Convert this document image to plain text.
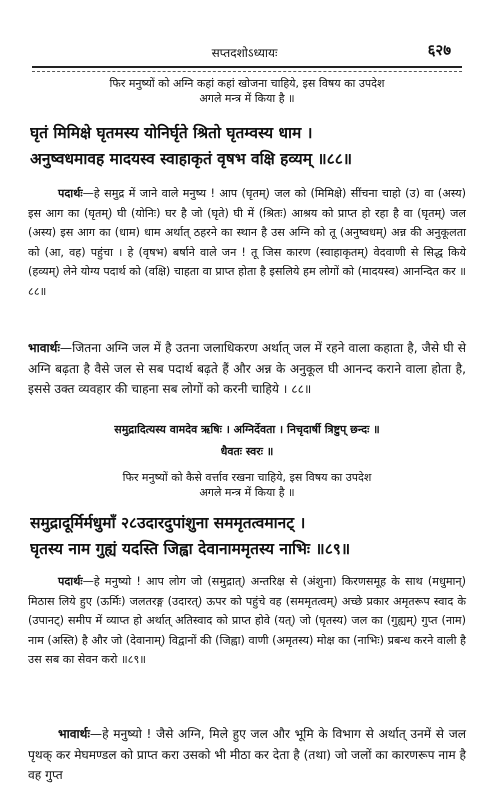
सप्तदशोऽध्यायः	६२७
फिर मनुष्यों को अग्नि कहां कहां खोजना चाहिये, इस विषय का उपदेश
अगले मन्त्र में किया है ॥
घृतं मिमिक्षे घृतमस्य योनिर्घृते श्रितो घृतम्वस्य धाम ।
अनुष्वधमावह मादयस्व स्वाहाकृतं वृषभ वक्षि हव्यम् ॥८८॥
पदार्थः—हे समुद्र में जाने वाले मनुष्य ! आप (घृतम्) जल को (मिमिक्षे) सींचना चाहो (उ) वा (अस्य) इस आग का (घृतम्) घी (योनिः) घर है जो (घृते) घी में (श्रितः) आश्रय को प्राप्त हो रहा है वा (घृतम्) जल (अस्य) इस आग का (धाम) धाम अर्थात् ठहरने का स्थान है उस अग्नि को तू (अनुष्वधम्) अन्न की अनुकूलता को (आ, वह) पहुंचा । हे (वृषभ) बर्षाने वाले जन ! तू जिस कारण (स्वाहाकृतम्) वेदवाणी से सिद्ध किये (हव्यम्) लेने योग्य पदार्थ को (वक्षि) चाहता वा प्राप्त होता है इसलिये हम लोगों को (मादयस्व) आनन्दित कर ॥८८॥
भावार्थः—जितना अग्नि जल में है उतना जलाधिकरण अर्थात् जल में रहने वाला कहाता है, जैसे घी से अग्नि बढ़ता है वैसे जल से सब पदार्थ बढ़ते हैं और अन्न के अनुकूल घी आनन्द कराने वाला होता है, इससे उक्त व्यवहार की चाहना सब लोगों को करनी चाहिये । ८८॥
समुद्रादित्यस्य वामदेव ऋषिः । अग्निर्देवता । निचृदार्षी त्रिष्टुप् छन्दः ॥
धैवतः स्वरः ॥
फिर मनुष्यों को कैसे वर्त्ताव रखना चाहिये, इस विषय का उपदेश
अगले मन्त्र में किया है ॥
समुद्रादूर्मिर्मधुमाँ २८उदारदुपांशुना सममृतत्वमानट् ।
घृतस्य नाम गुह्यं यदस्ति जिह्वा देवानाममृतस्य नाभिः ॥८९॥
पदार्थः—हे मनुष्यो ! आप लोग जो (समुद्रात्) अन्तरिक्ष से (अंशुना) किरणसमूह के साथ (मधुमान्) मिठास लिये हुए (ऊर्मिः) जलतरङ्ग (उदारत्) ऊपर को पहुंचे वह (सममृतत्वम्) अच्छे प्रकार अमृतरूप स्वाद के (उपानट्) समीप में व्याप्त हो अर्थात् अतिस्वाद को प्राप्त होवे (यत्) जो (घृतस्य) जल का (गुह्यम्) गुप्त (नाम) नाम (अस्ति) है और जो (देवानाम्) विद्वानों की (जिह्वा) वाणी (अमृतस्य) मोक्ष का (नाभिः) प्रबन्ध करने वाली है उस सब का सेवन करो ॥८९॥
भावार्थः—हे मनुष्यो ! जैसे अग्नि, मिले हुए जल और भूमि के विभाग से अर्थात् उनमें से जल पृथक् कर मेघमण्डल को प्राप्त करा उसको भी मीठा कर देता है (तथा) जो जलों का कारणरूप नाम है वह गुप्त
